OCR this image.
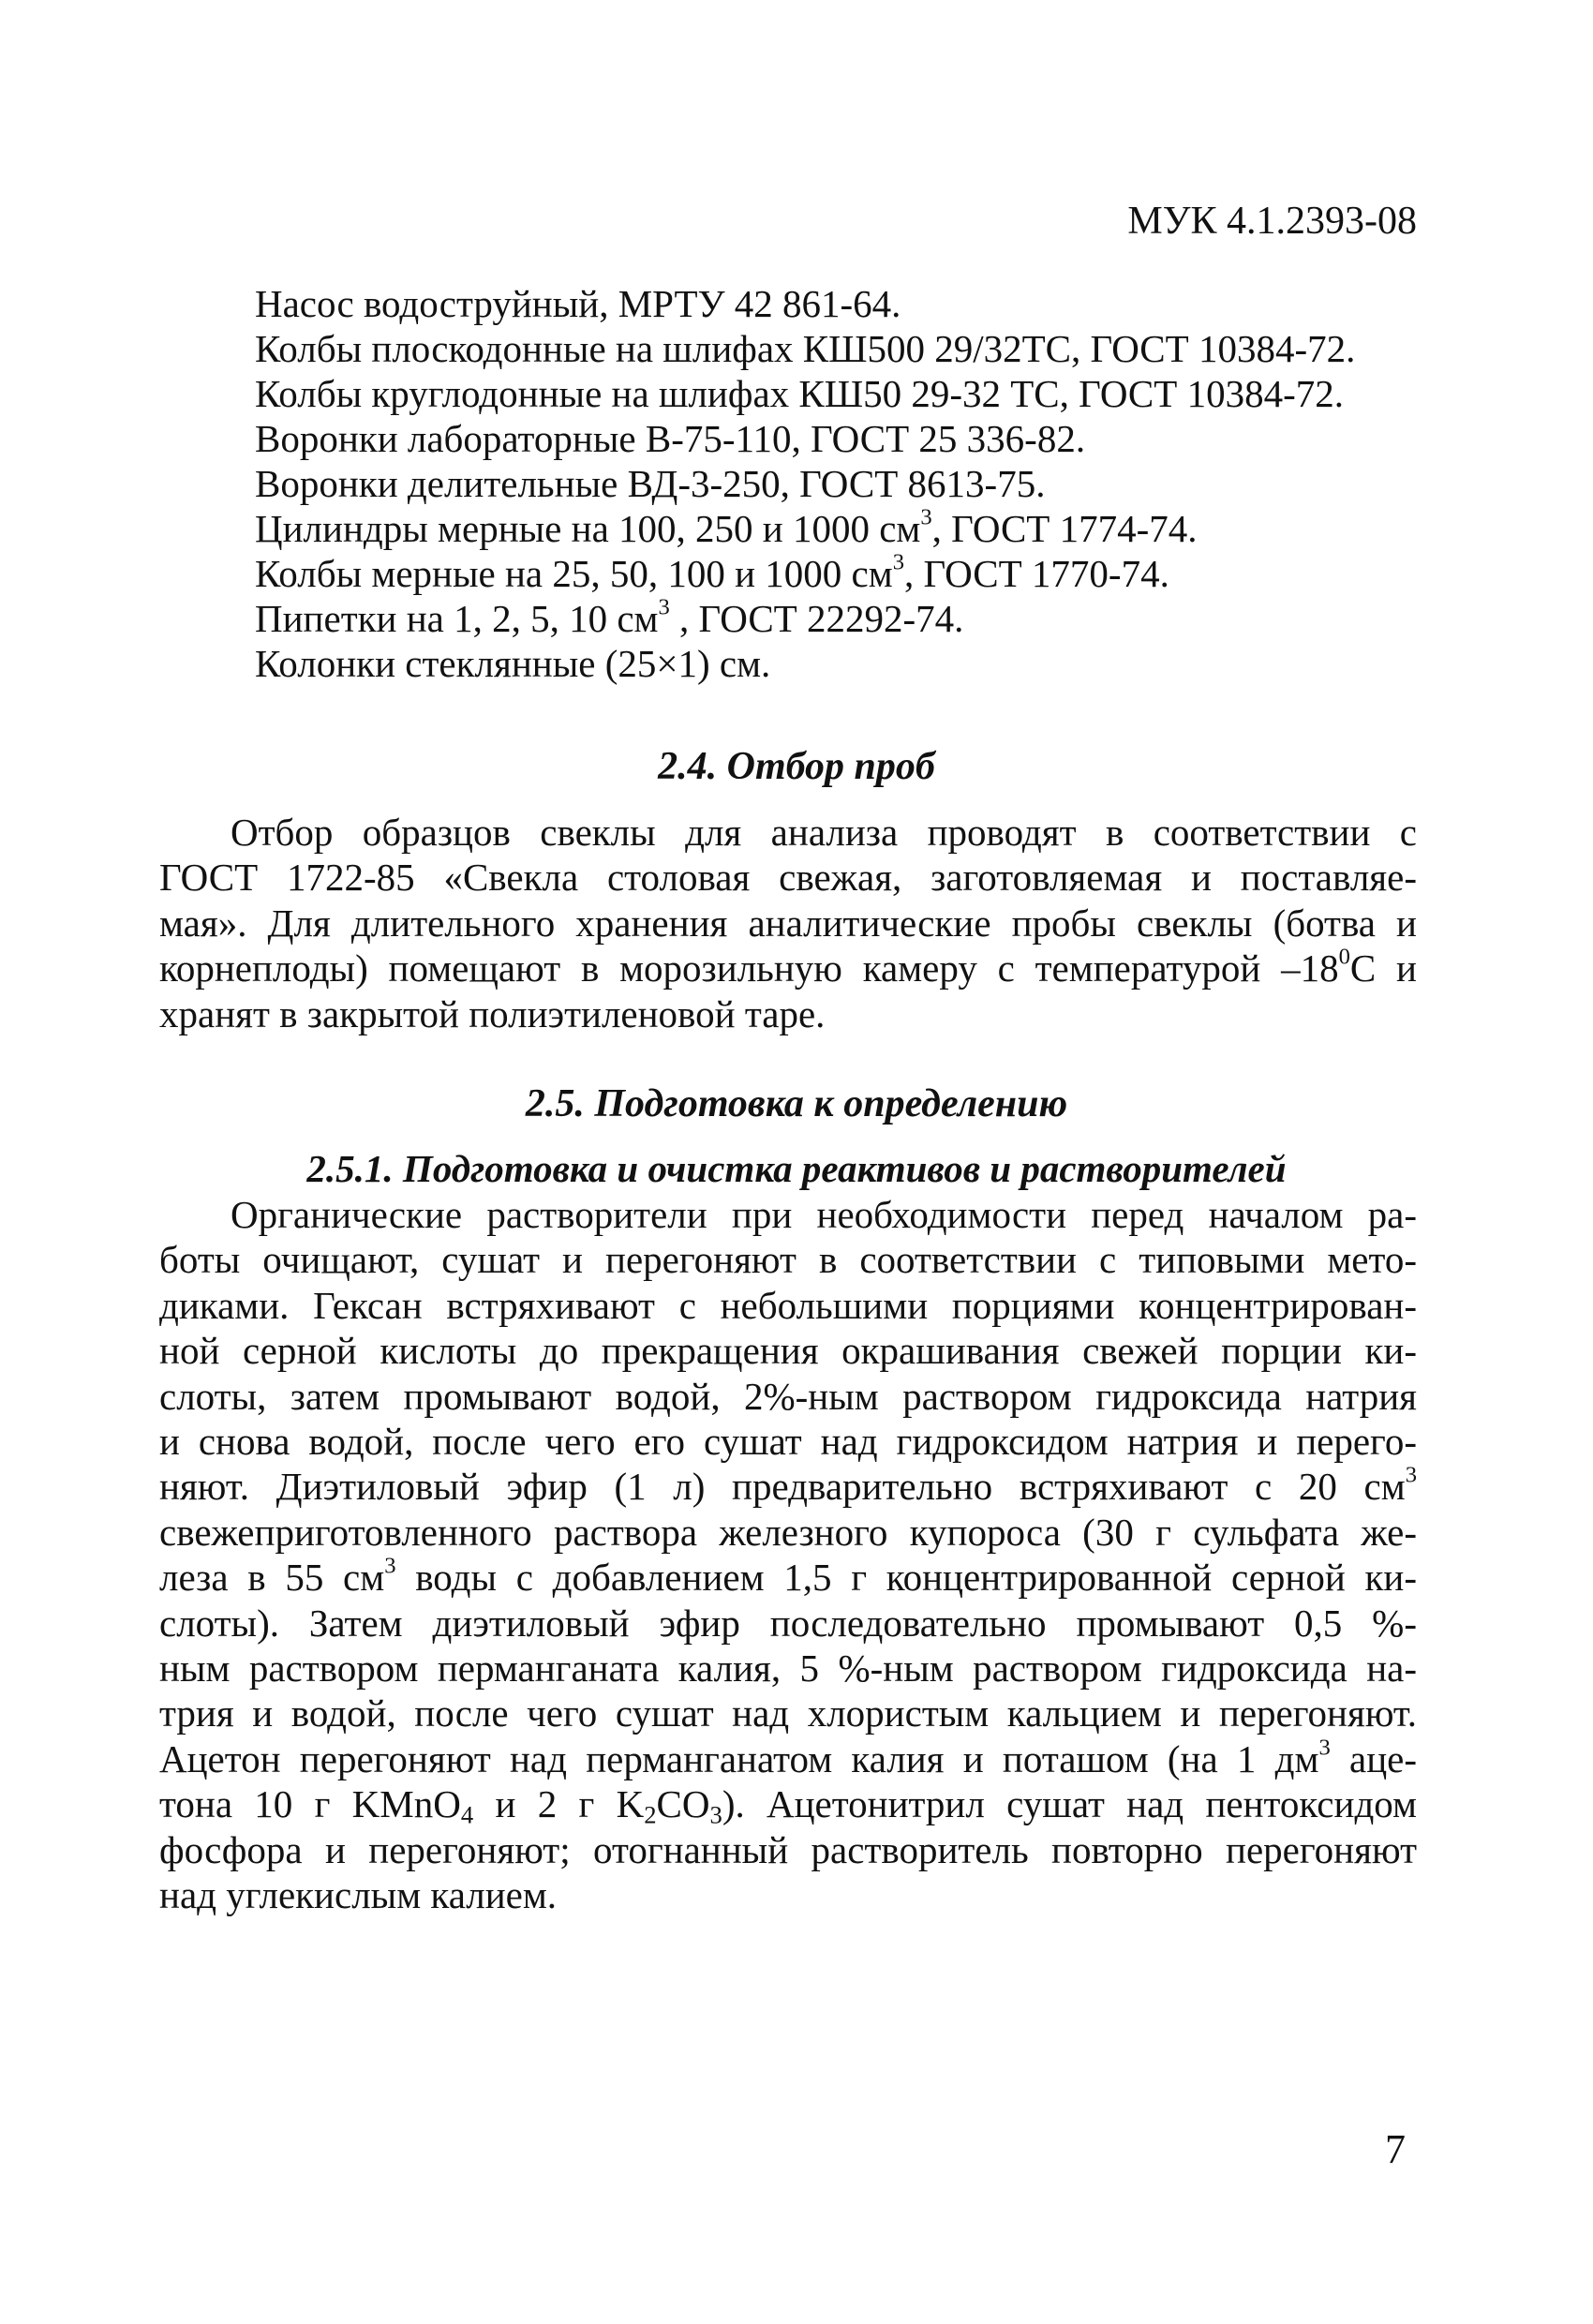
МУК 4.1.2393-08

Насос водоструйный, МРТУ 42 861-64.
Колбы плоскодонные на шлифах КШ500 29/32ТС, ГОСТ 10384-72.
Колбы круглодонные на шлифах КШ50 29-32 ТС, ГОСТ 10384-72.
Воронки лабораторные В-75-110, ГОСТ 25 336-82.
Воронки делительные ВД-3-250, ГОСТ 8613-75.
Цилиндры мерные на 100, 250 и 1000 $см^3$, ГОСТ 1774-74.
Колбы мерные на 25, 50, 100 и 1000 $см^3$, ГОСТ 1770-74.
Пипетки на 1, 2, 5, 10 $см^3$ , ГОСТ 22292-74.
Колонки стеклянные (25×1) см.
2.4. Отбор проб
Отбор образцов свеклы для анализа проводят в соответствии с
ГОСТ 1722-85 «Свекла столовая свежая, заготовляемая и поставляе-
мая». Для длительного хранения аналитические пробы свеклы (ботва и
корнеплоды) помещают в морозильную камеру с температурой $-18^0С$ и
хранят в закрытой полиэтиленовой таре.
2.5. Подготовка к определению
2.5.1. Подготовка и очистка реактивов и растворителей
Органические растворители при необходимости перед началом ра-
боты очищают, сушат и перегоняют в соответствии с типовыми мето-
диками. Гексан встряхивают с небольшими порциями концентрирован-
ной серной кислоты до прекращения окрашивания свежей порции ки-
слоты, затем промывают водой, 2%-ным раствором гидроксида натрия
и снова водой, после чего его сушат над гидроксидом натрия и перего-
няют. Диэтиловый эфир (1 л) предварительно встряхивают с 20 $см^3$
свежеприготовленного раствора железного купороса (30 г сульфата же-
леза в 55 $см^3$ воды с добавлением 1,5 г концентрированной серной ки-
слоты). Затем диэтиловый эфир последовательно промывают 0,5 %-
ным раствором перманганата калия, 5 %-ным раствором гидроксида на-
трия и водой, после чего сушат над хлористым кальцием и перегоняют.
Ацетон перегоняют над перманганатом калия и поташом (на 1 $дм^3$ аце-
тона 10 г KMnO$_4$ и 2 г $K_2CO_3$). Ацетонитрил сушат над пентоксидом
фосфора и перегоняют; отогнанный растворитель повторно перегоняют
над углекислым калием.

7
